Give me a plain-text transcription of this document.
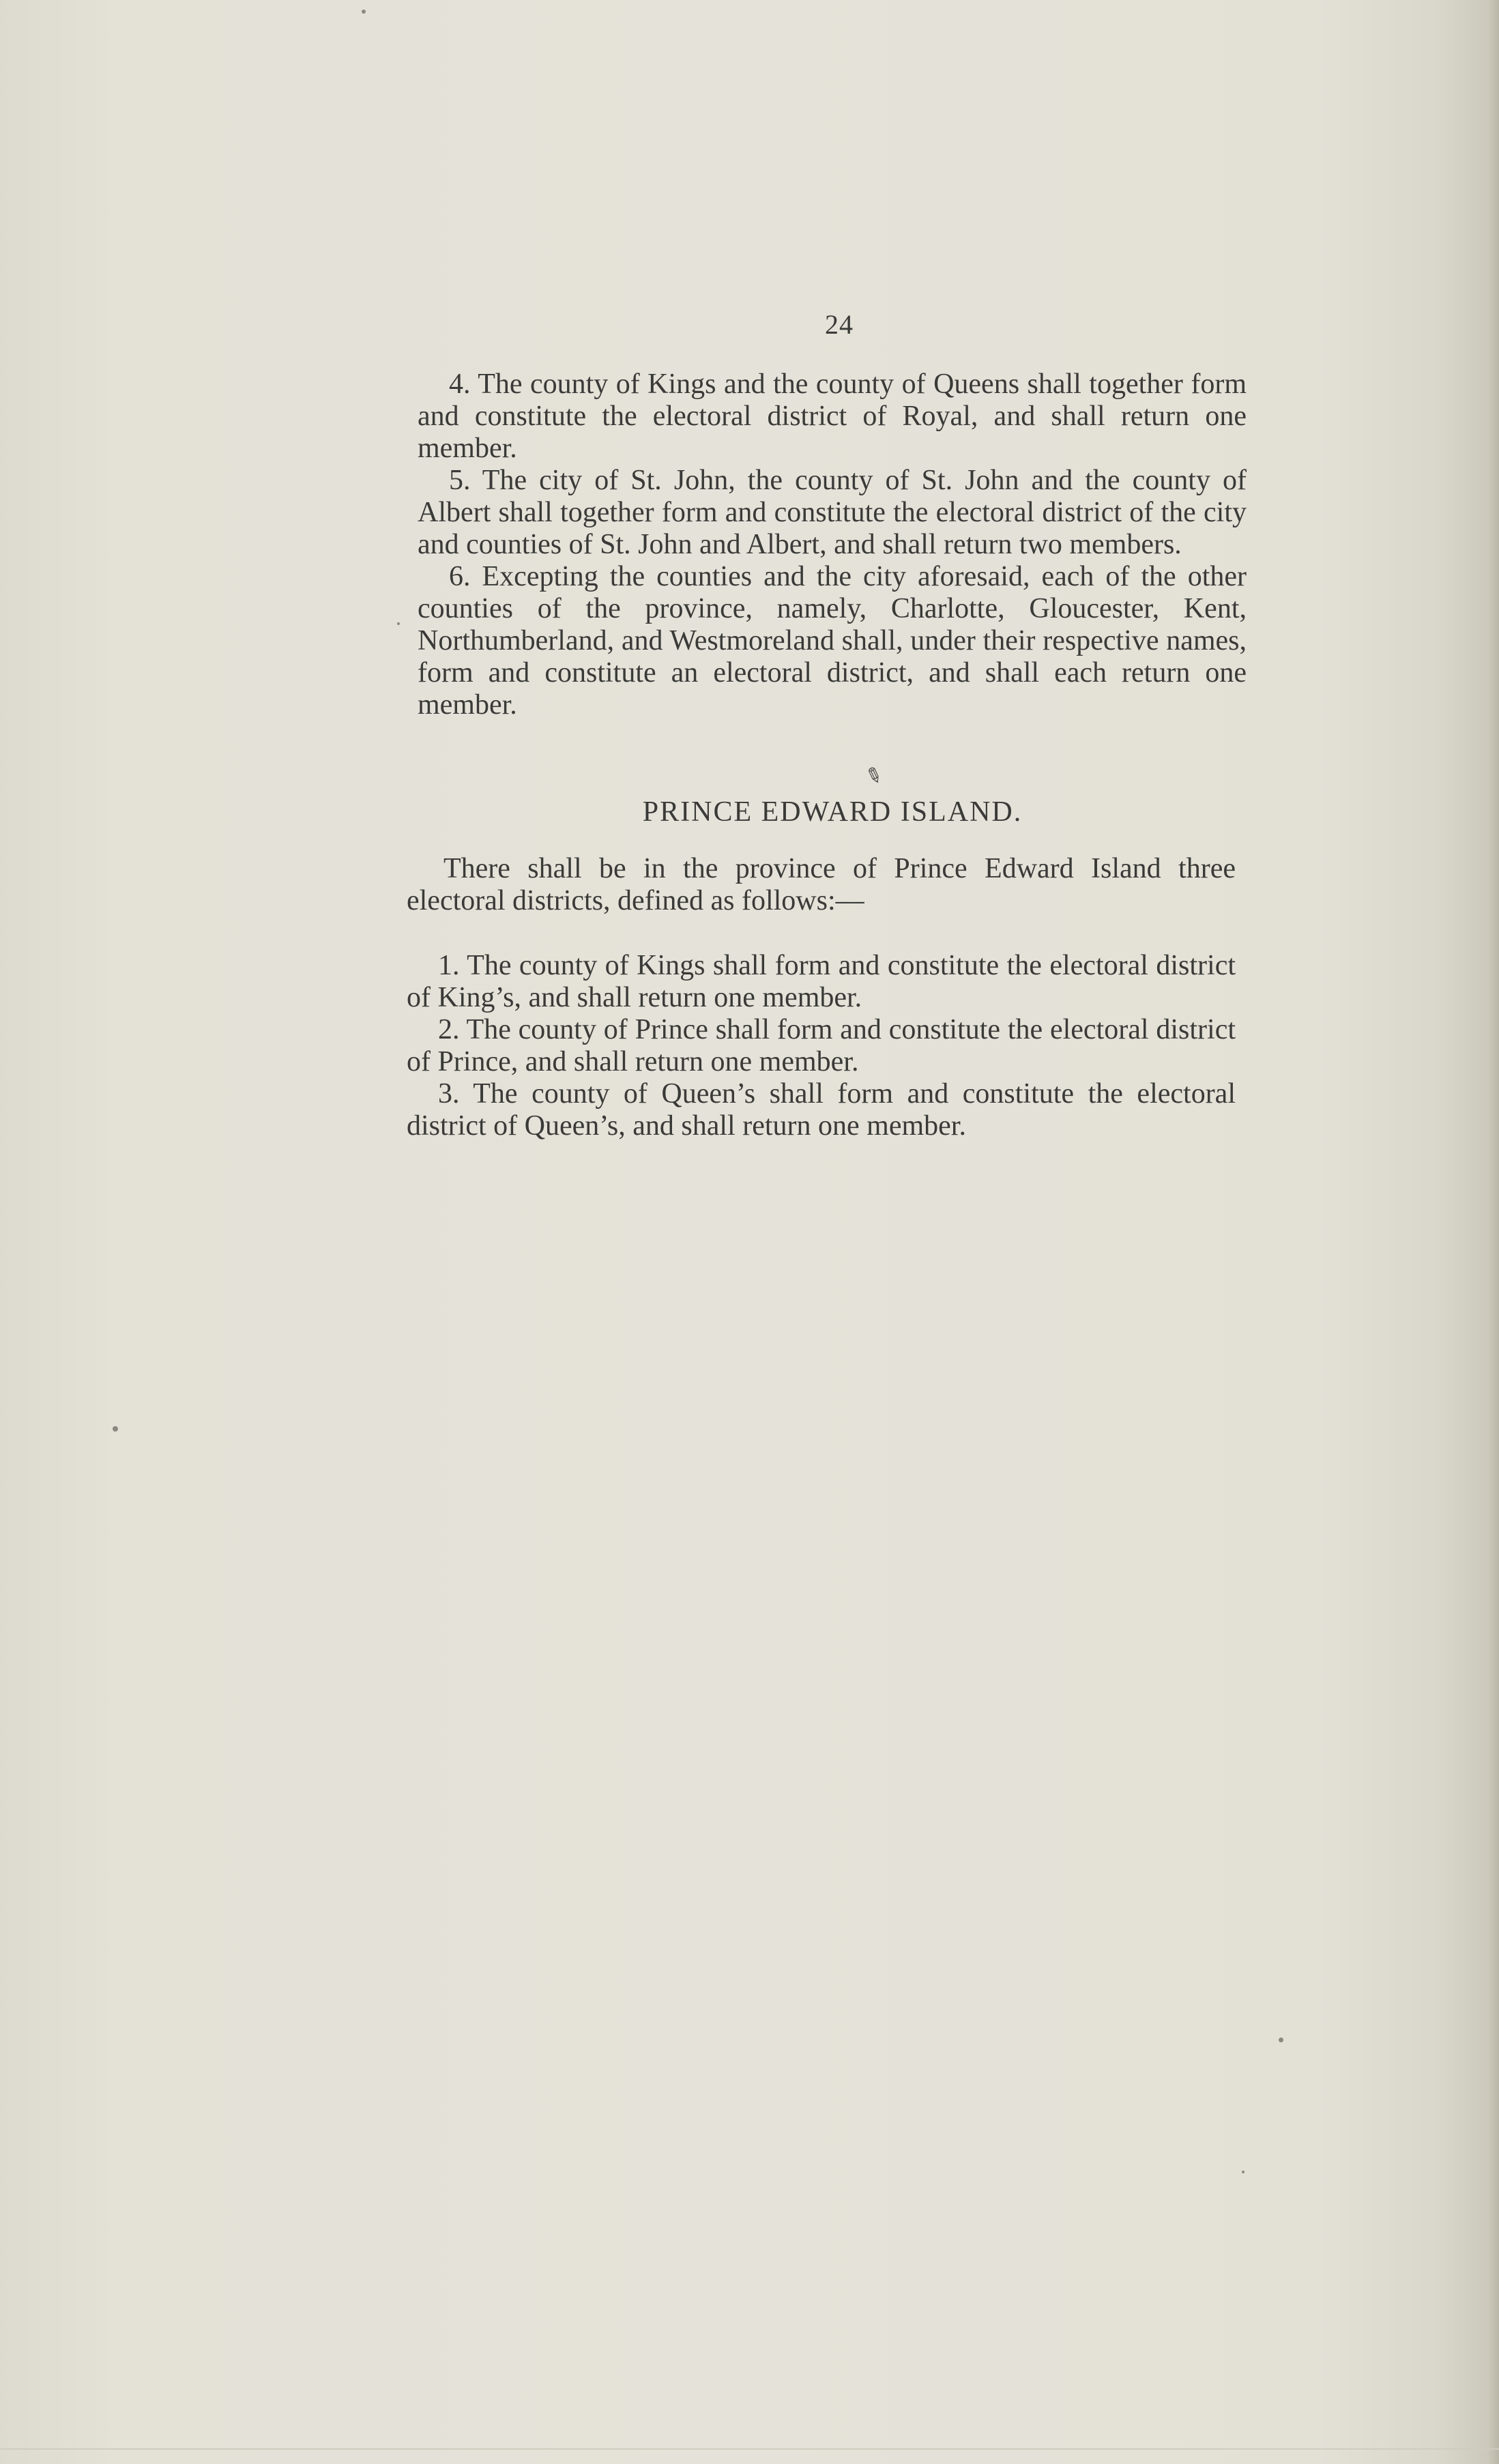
24

4. The county of Kings and the county of Queens shall together form and constitute the electoral district of Royal, and shall return one member.

5. The city of St. John, the county of St. John and the county of Albert shall together form and constitute the electoral district of the city and counties of St. John and Albert, and shall return two members.

6. Excepting the counties and the city aforesaid, each of the other counties of the province, namely, Charlotte, Gloucester, Kent, Northumberland, and Westmoreland shall, under their respective names, form and constitute an electoral district, and shall each return one member.

✎
PRINCE EDWARD ISLAND.

There shall be in the province of Prince Edward Island three electoral districts, defined as follows:—

1. The county of Kings shall form and constitute the electoral district of King’s, and shall return one member.

2. The county of Prince shall form and constitute the electoral district of Prince, and shall return one member.

3. The county of Queen’s shall form and constitute the electoral district of Queen’s, and shall return one member.
